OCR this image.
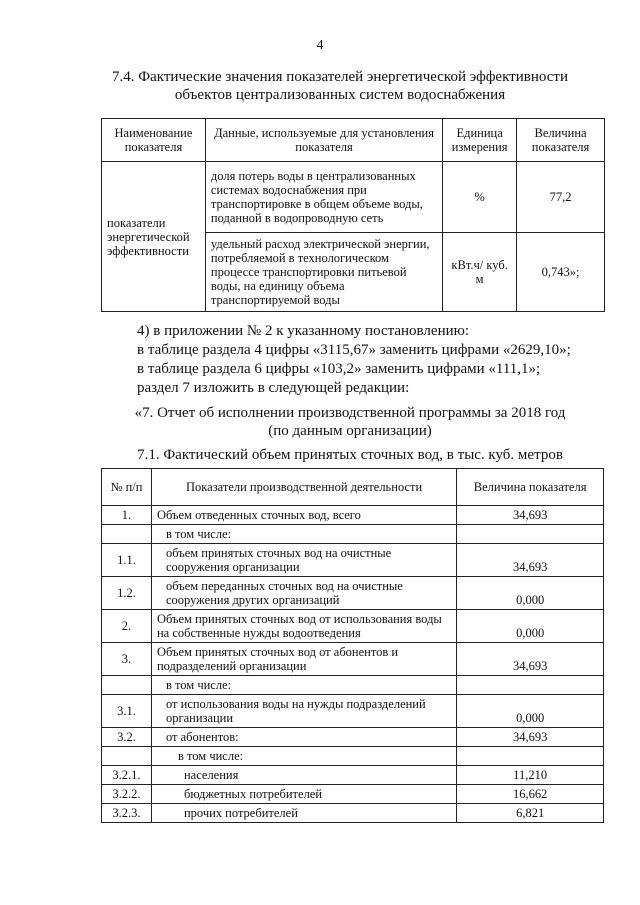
4
7.4. Фактические значения показателей энергетической эффективности
объектов централизованных систем водоснабжения
Наименование показателя	Данные, используемые для установления показателя	Единица измерения	Величина показателя
показатели энергетической эффективности	доля потерь воды в централизованных системах водоснабжения при транспортировке в общем объеме воды, поданной в водопроводную сеть	%	77,2
	удельный расход электрической энергии, потребляемой в технологическом процессе транспортировки питьевой воды, на единицу объема транспортируемой воды	кВт.ч/ куб. м	0,743»;
4) в приложении № 2 к указанному постановлению:
в таблице раздела 4 цифры «3115,67» заменить цифрами «2629,10»;
в таблице раздела 6 цифры «103,2» заменить цифрами «111,1»;
раздел 7 изложить в следующей редакции:
«7. Отчет об исполнении производственной программы за 2018 год
(по данным организации)
7.1. Фактический объем принятых сточных вод, в тыс. куб. метров
№ п/п	Показатели производственной деятельности	Величина показателя
1.	Объем отведенных сточных вод, всего	34,693
	в том числе:	
1.1.	объем принятых сточных вод на очистные сооружения организации	34,693
1.2.	объем переданных сточных вод на очистные сооружения других организаций	0,000
2.	Объем принятых сточных вод от использования воды на собственные нужды водоотведения	0,000
3.	Объем принятых сточных вод от абонентов и подразделений организации	34,693
	в том числе:	
3.1.	от использования воды на нужды подразделений организации	0,000
3.2.	от абонентов:	34,693
	в том числе:	
3.2.1.	населения	11,210
3.2.2.	бюджетных потребителей	16,662
3.2.3.	прочих потребителей	6,821
